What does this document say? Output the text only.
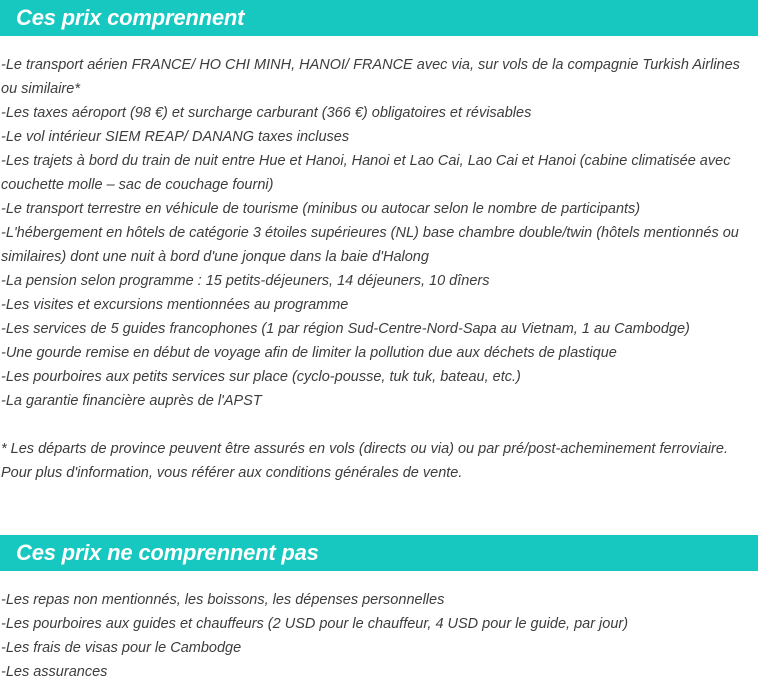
Ces prix comprennent
-Le transport aérien FRANCE/ HO CHI MINH, HANOI/ FRANCE avec via, sur vols de la compagnie Turkish Airlines ou similaire*
-Les taxes aéroport (98 €) et surcharge carburant (366 €) obligatoires et révisables
-Le vol intérieur SIEM REAP/ DANANG taxes incluses
-Les trajets à bord du train de nuit entre Hue et Hanoi, Hanoi et Lao Cai, Lao Cai et Hanoi (cabine climatisée avec couchette molle – sac de couchage fourni)
-Le transport terrestre en véhicule de tourisme (minibus ou autocar selon le nombre de participants)
-L'hébergement en hôtels de catégorie 3 étoiles supérieures (NL) base chambre double/twin (hôtels mentionnés ou similaires) dont une nuit à bord d'une jonque dans la baie d'Halong
-La pension selon programme : 15 petits-déjeuners, 14 déjeuners, 10 dîners
-Les visites et excursions mentionnées au programme
-Les services de 5 guides francophones (1 par région Sud-Centre-Nord-Sapa au Vietnam, 1 au Cambodge)
-Une gourde remise en début de voyage afin de limiter la pollution due aux déchets de plastique
-Les pourboires aux petits services sur place (cyclo-pousse, tuk tuk, bateau, etc.)
-La garantie financière auprès de l'APST

* Les départs de province peuvent être assurés en vols (directs ou via) ou par pré/post-acheminement ferroviaire. Pour plus d'information, vous référer aux conditions générales de vente.

Ces prix ne comprennent pas
-Les repas non mentionnés, les boissons, les dépenses personnelles
-Les pourboires aux guides et chauffeurs (2 USD pour le chauffeur, 4 USD pour le guide, par jour)
-Les frais de visas pour le Cambodge
-Les assurances
